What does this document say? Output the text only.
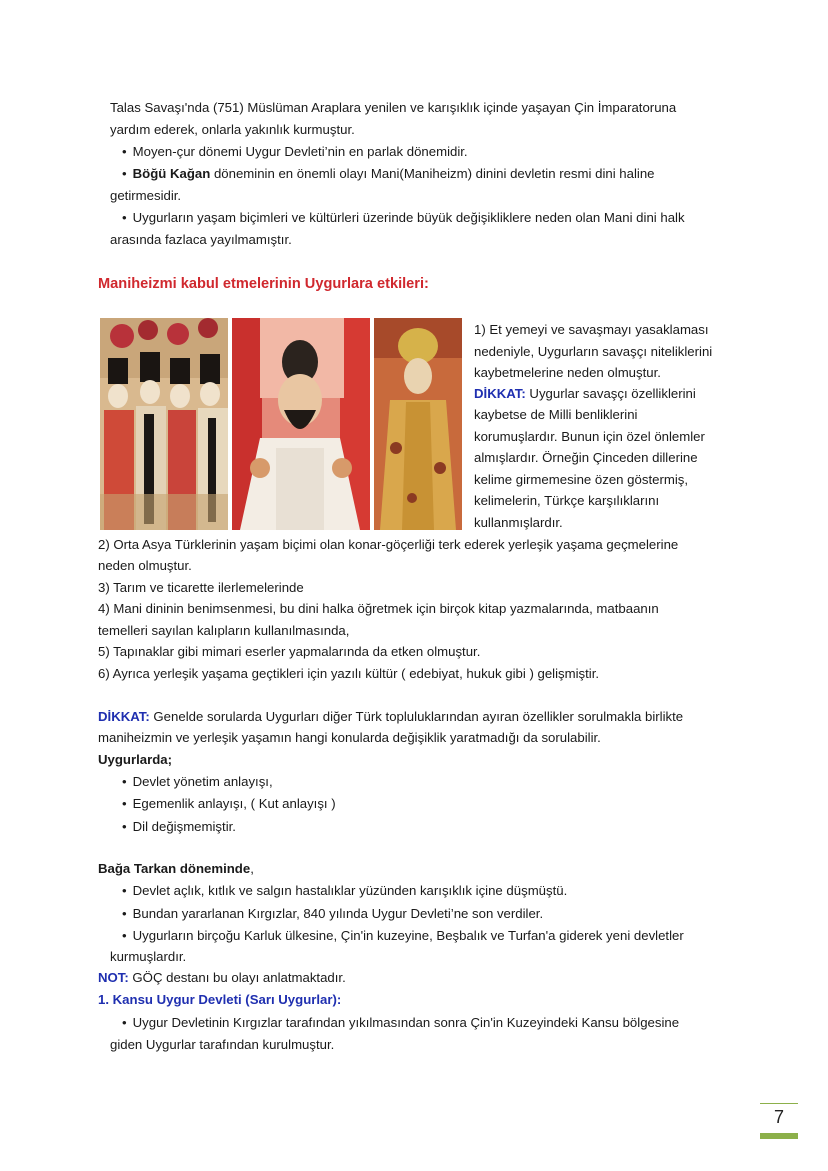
Talas Savaşı'nda (751) Müslüman Araplara yenilen ve karışıklık içinde yaşayan Çin İmparatoruna
yardım ederek, onlarla yakınlık kurmuştur.
• Moyen-çur dönemi Uygur Devleti’nin en parlak dönemidir.
• Böğü Kağan döneminin en önemli olayı Mani(Maniheizm) dinini devletin resmi dini haline
getirmesidir.
• Uygurların yaşam biçimleri ve kültürleri üzerinde büyük değişikliklere neden olan Mani dini halk
arasında fazlaca yayılmamıştır.
Maniheizmi kabul etmelerinin Uygurlara etkileri:
1) Et yemeyi ve savaşmayı yasaklaması
nedeniyle, Uygurların savaşçı niteliklerini
kaybetmelerine neden olmuştur.
DİKKAT: Uygurlar savaşçı özelliklerini
kaybetse de Milli benliklerini
korumuşlardır. Bunun için özel önlemler
almışlardır. Örneğin Çinceden dillerine
kelime girmemesine özen göstermiş,
kelimelerin, Türkçe karşılıklarını
kullanmışlardır.
2) Orta Asya Türklerinin yaşam biçimi olan konar-göçerliği terk ederek yerleşik yaşama geçmelerine
neden olmuştur.
3) Tarım ve ticarette ilerlemelerinde
4) Mani dininin benimsenmesi, bu dini halka öğretmek için birçok kitap yazmalarında, matbaanın
temelleri sayılan kalıpların kullanılmasında,
5) Tapınaklar gibi mimari eserler yapmalarında da etken olmuştur.
6) Ayrıca yerleşik yaşama geçtikleri için yazılı kültür ( edebiyat, hukuk gibi ) gelişmiştir.
DİKKAT: Genelde sorularda Uygurları diğer Türk topluluklarından ayıran özellikler sorulmakla birlikte
maniheizmin ve yerleşik yaşamın hangi konularda değişiklik yaratmadığı da sorulabilir.
Uygurlarda;
• Devlet yönetim anlayışı,
• Egemenlik anlayışı, ( Kut anlayışı )
• Dil değişmemiştir.
Bağa Tarkan döneminde,
• Devlet açlık, kıtlık ve salgın hastalıklar yüzünden karışıklık içine düşmüştü.
• Bundan yararlanan Kırgızlar, 840 yılında Uygur Devleti’ne son verdiler.
• Uygurların birçoğu Karluk ülkesine, Çin'in kuzeyine, Beşbalık ve Turfan'a giderek yeni devletler
kurmuşlardır.
NOT: GÖÇ destanı bu olayı anlatmaktadır.
1. Kansu Uygur Devleti (Sarı Uygurlar):
• Uygur Devletinin Kırgızlar tarafından yıkılmasından sonra Çin'in Kuzeyindeki Kansu bölgesine
giden Uygurlar tarafından kurulmuştur.
7
